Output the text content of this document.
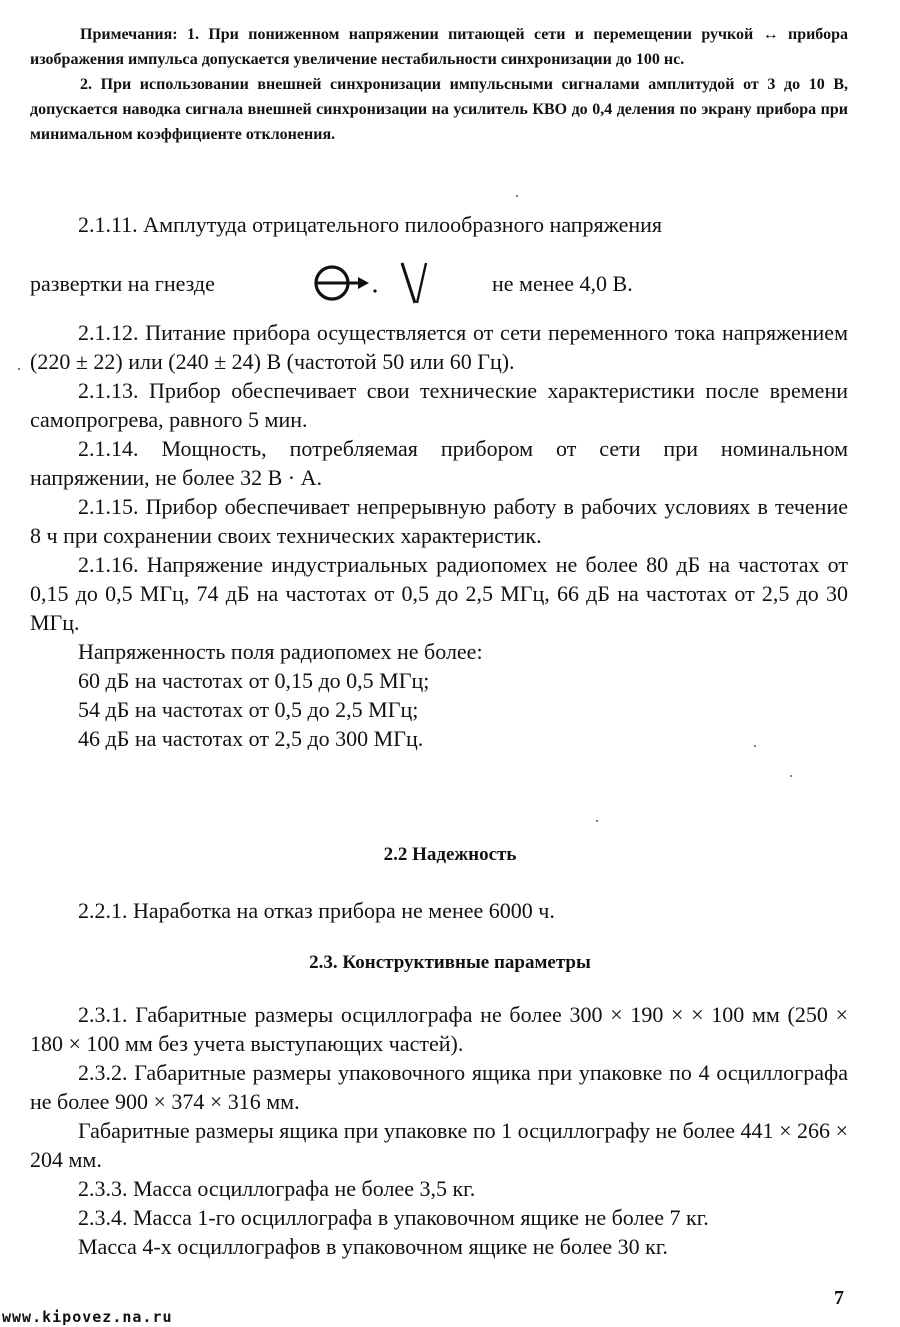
Примечания: 1. При пониженном напряжении питающей сети и перемещении ручкой ↔ прибора изображения импульса допускается увеличение нестабильности синхронизации до 100 нс.

2. При использовании внешней синхронизации импульсными сигналами амплитудой от 3 до 10 В, допускается наводка сигнала внешней синхронизации на усилитель КВО до 0,4 деления по экрану прибора при минимальном коэффициенте отклонения.

2.1.11. Амплутуда отрицательного пилообразного напряжения

развертки на гнезде	не менее 4,0 В.

2.1.12. Питание прибора осуществляется от сети переменного тока напряжением (220 ± 22) или (240 ± 24) В (частотой 50 или 60 Гц).

2.1.13. Прибор обеспечивает свои технические характеристики после времени самопрогрева, равного 5 мин.

2.1.14. Мощность, потребляемая прибором от сети при номинальном напряжении, не более 32 В · А.

2.1.15. Прибор обеспечивает непрерывную работу в рабочих условиях в течение 8 ч при сохранении своих технических характеристик.

2.1.16. Напряжение индустриальных радиопомех не более 80 дБ на частотах от 0,15 до 0,5 МГц, 74 дБ на частотах от 0,5 до 2,5 МГц, 66 дБ на частотах от 2,5 до 30 МГц.

Напряженность поля радиопомех не более:

60 дБ на частотах от 0,15 до 0,5 МГц;

54 дБ на частотах от 0,5 до 2,5 МГц;

46 дБ на частотах от 2,5 до 300 МГц.

2.2 Надежность

2.2.1. Наработка на отказ прибора не менее 6000 ч.

2.3. Конструктивные параметры

2.3.1. Габаритные размеры осциллографа не более 300 × 190 × × 100 мм (250 × 180 × 100 мм без учета выступающих частей).

2.3.2. Габаритные размеры упаковочного ящика при упаковке по 4 осциллографа не более 900 × 374 × 316 мм.

Габаритные размеры ящика при упаковке по 1 осциллографу не более 441 × 266 × 204 мм.

2.3.3. Масса осциллографа не более 3,5 кг.

2.3.4. Масса 1-го осциллографа в упаковочном ящике не более 7 кг.

Масса 4-х осциллографов в упаковочном ящике не более 30 кг.

7
www.kipovez.na.ru
